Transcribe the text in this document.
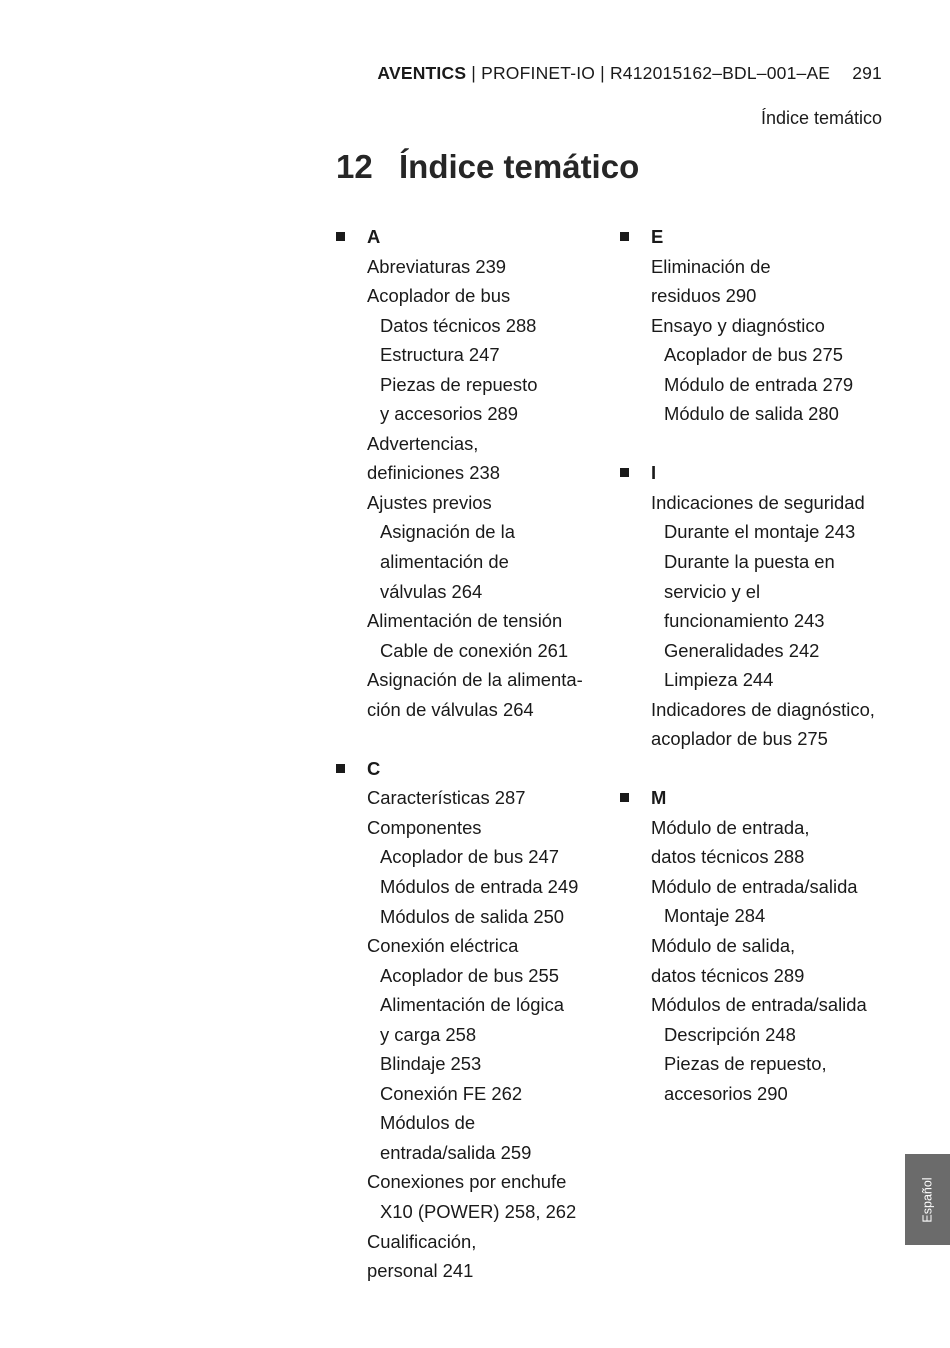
AVENTICS | PROFINET-IO | R412015162–BDL–001–AE 291
Índice temático
12 Índice temático
A
Abreviaturas 239
Acoplador de bus
Datos técnicos 288
Estructura 247
Piezas de repuesto
y accesorios 289
Advertencias,
definiciones 238
Ajustes previos
Asignación de la
alimentación de
válvulas 264
Alimentación de tensión
Cable de conexión 261
Asignación de la alimenta-
ción de válvulas 264
C
Características 287
Componentes
Acoplador de bus 247
Módulos de entrada 249
Módulos de salida 250
Conexión eléctrica
Acoplador de bus 255
Alimentación de lógica
y carga 258
Blindaje 253
Conexión FE 262
Módulos de
entrada/salida 259
Conexiones por enchufe
X10 (POWER) 258, 262
Cualificación,
personal 241
E
Eliminación de
residuos 290
Ensayo y diagnóstico
Acoplador de bus 275
Módulo de entrada 279
Módulo de salida 280
I
Indicaciones de seguridad
Durante el montaje 243
Durante la puesta en
servicio y el
funcionamiento 243
Generalidades 242
Limpieza 244
Indicadores de diagnóstico,
acoplador de bus 275
M
Módulo de entrada,
datos técnicos 288
Módulo de entrada/salida
Montaje 284
Módulo de salida,
datos técnicos 289
Módulos de entrada/salida
Descripción 248
Piezas de repuesto,
accesorios 290
Español
